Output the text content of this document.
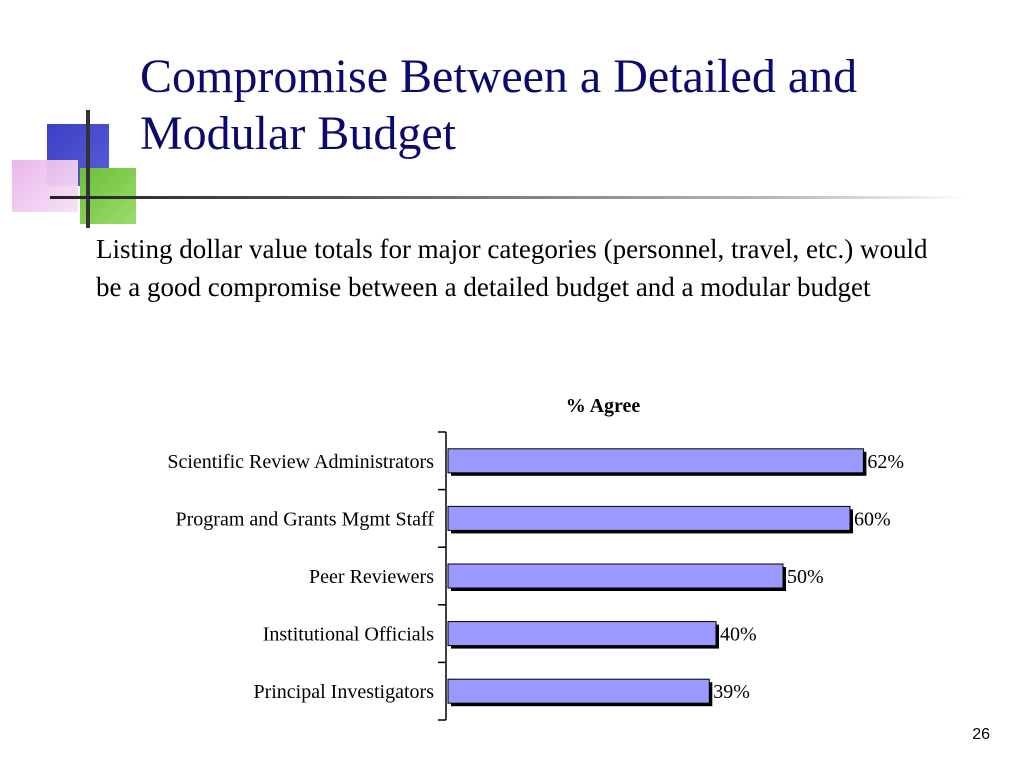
Compromise Between a Detailed and Modular Budget
Listing dollar value totals for major categories (personnel, travel, etc.) would be a good compromise between a detailed budget and a modular budget
% Agree
Scientific Review Administrators
Program and Grants Mgmt Staff
Peer Reviewers
Institutional Officials
Principal Investigators
62%
60%
50%
40%
39%
26
